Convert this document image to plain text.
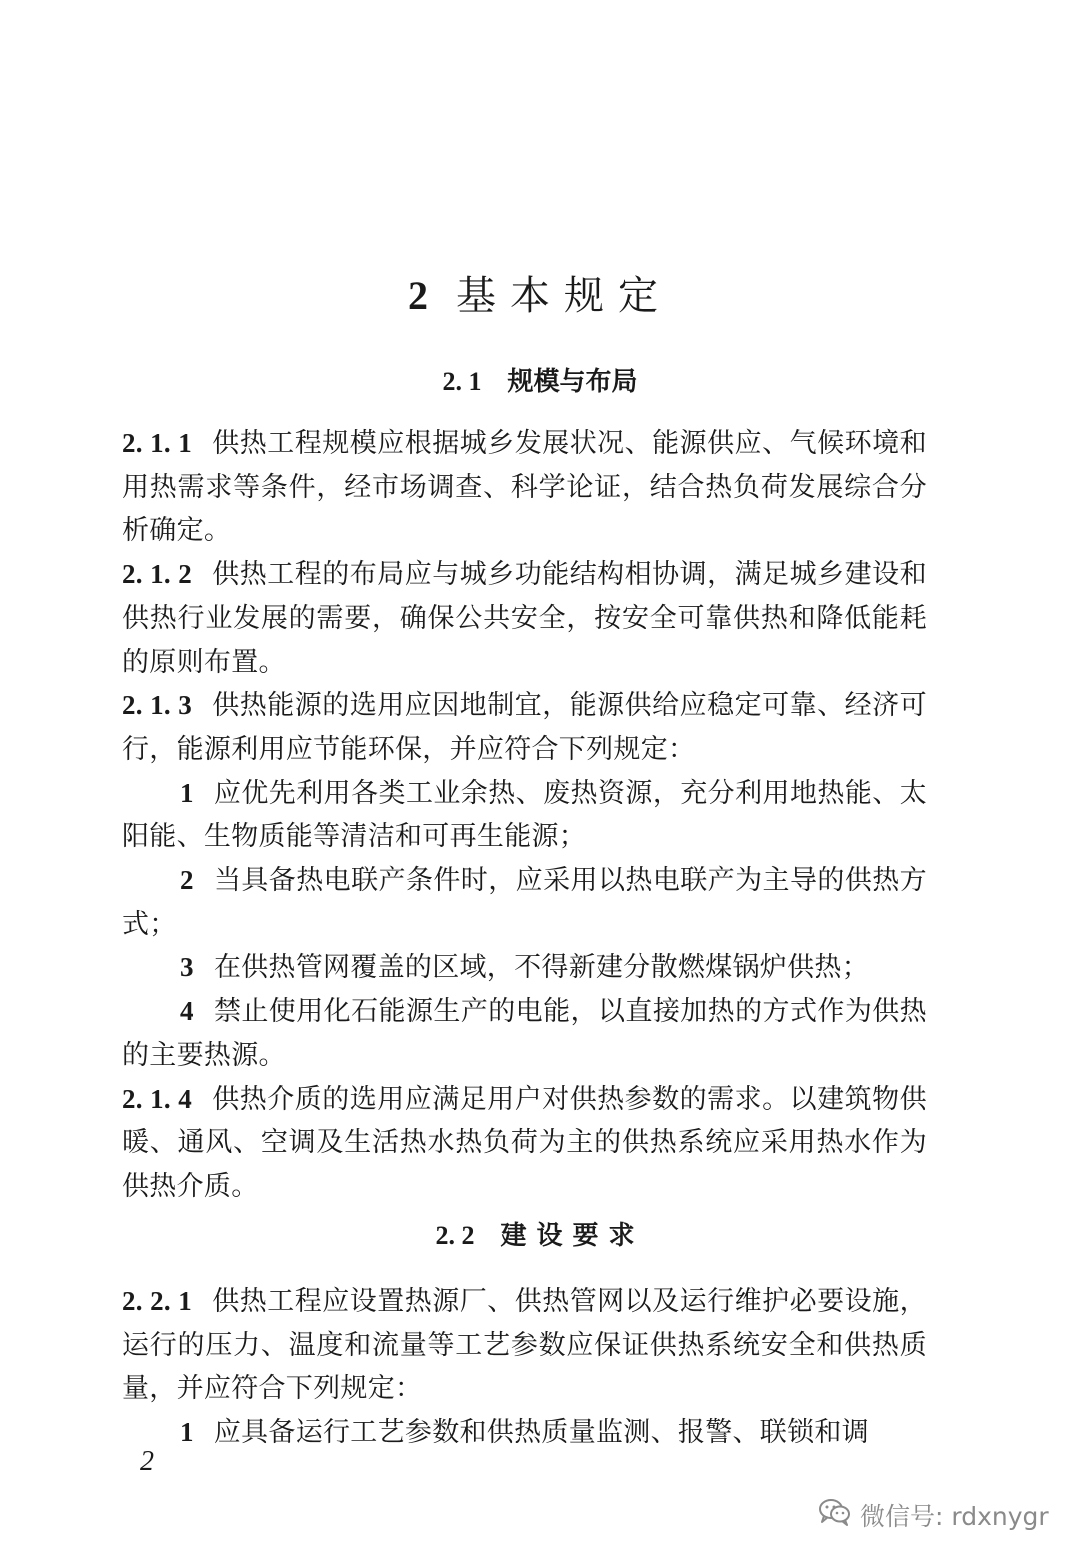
2 基本规定
2. 1 规模与布局

2. 1. 1 供热工程规模应根据城乡发展状况、能源供应、气候环境和用热需求等条件，经市场调查、科学论证，结合热负荷发展综合分析确定。

2. 1. 2 供热工程的布局应与城乡功能结构相协调，满足城乡建设和供热行业发展的需要，确保公共安全，按安全可靠供热和降低能耗的原则布置。

2. 1. 3 供热能源的选用应因地制宜，能源供给应稳定可靠、经济可行，能源利用应节能环保，并应符合下列规定：

1 应优先利用各类工业余热、废热资源，充分利用地热能、太阳能、生物质能等清洁和可再生能源；

2 当具备热电联产条件时，应采用以热电联产为主导的供热方式；

3 在供热管网覆盖的区域，不得新建分散燃煤锅炉供热；

4 禁止使用化石能源生产的电能，以直接加热的方式作为供热的主要热源。

2. 1. 4 供热介质的选用应满足用户对供热参数的需求。以建筑物供暖、通风、空调及生活热水热负荷为主的供热系统应采用热水作为供热介质。

2. 2 建设要求

2. 2. 1 供热工程应设置热源厂、供热管网以及运行维护必要设施，运行的压力、温度和流量等工艺参数应保证供热系统安全和供热质量，并应符合下列规定：

1 应具备运行工艺参数和供热质量监测、报警、联锁和调

2
微信号: rdxnygr
